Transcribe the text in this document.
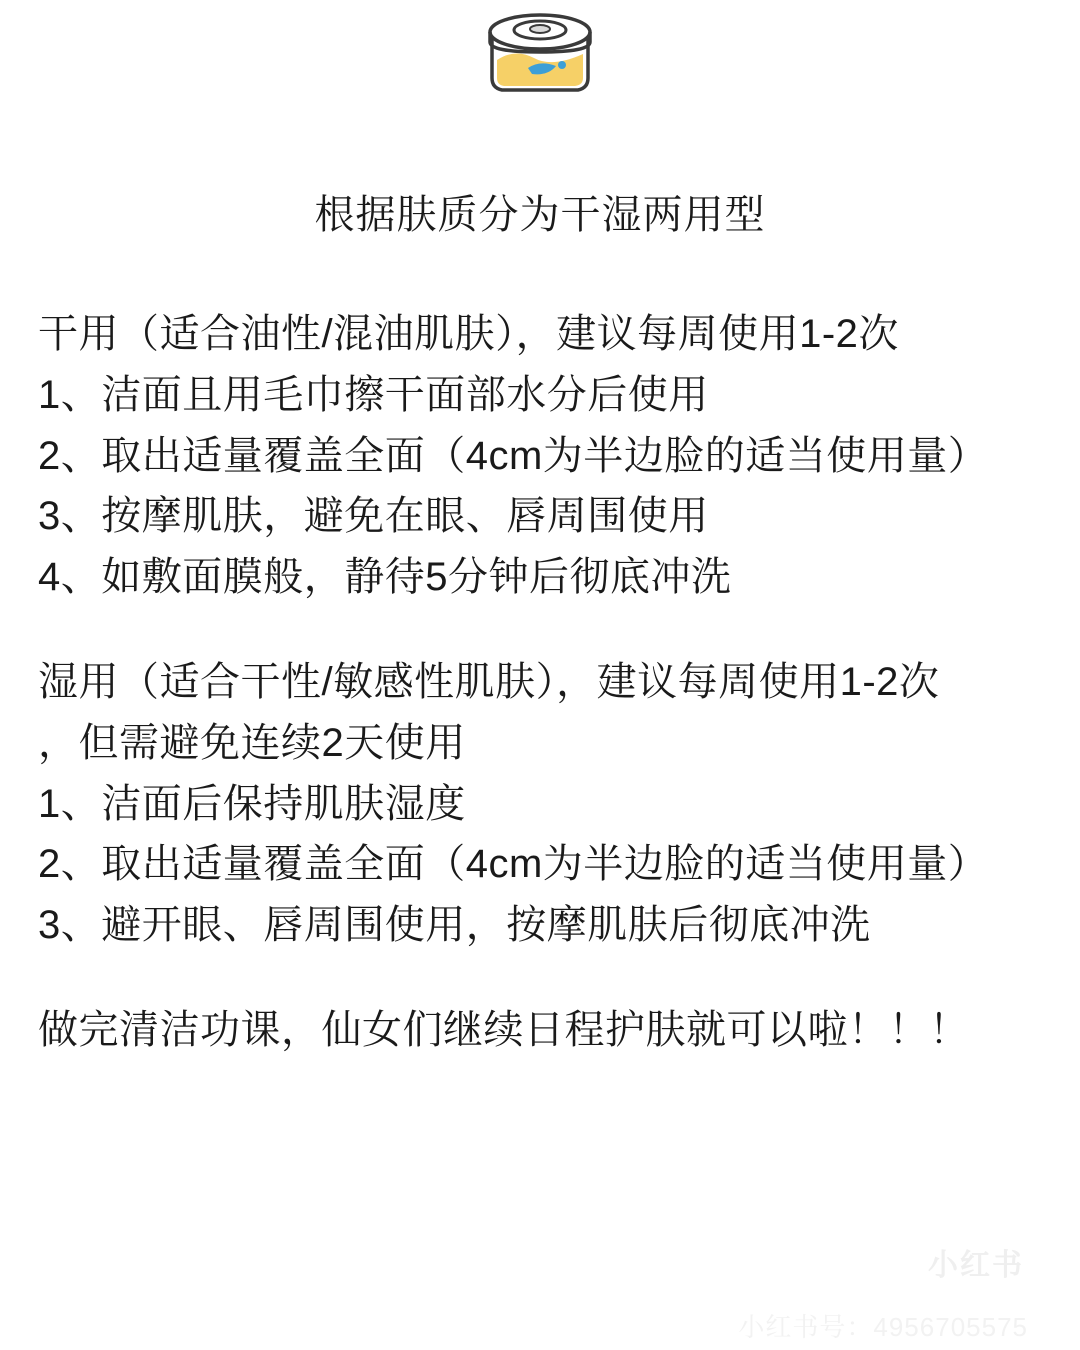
根据肤质分为干湿两用型
干用（适合油性/混油肌肤），建议每周使用1-2次
1、洁面且用毛巾擦干面部水分后使用
2、取出适量覆盖全面（4cm为半边脸的适当使用量）
3、按摩肌肤，避免在眼、唇周围使用
4、如敷面膜般，静待5分钟后彻底冲洗
湿用（适合干性/敏感性肌肤），建议每周使用1-2次
，但需避免连续2天使用
1、洁面后保持肌肤湿度
2、取出适量覆盖全面（4cm为半边脸的适当使用量）
3、避开眼、唇周围使用，按摩肌肤后彻底冲洗
做完清洁功课，仙女们继续日程护肤就可以啦！！！
小红书
小红书号：4956705575
